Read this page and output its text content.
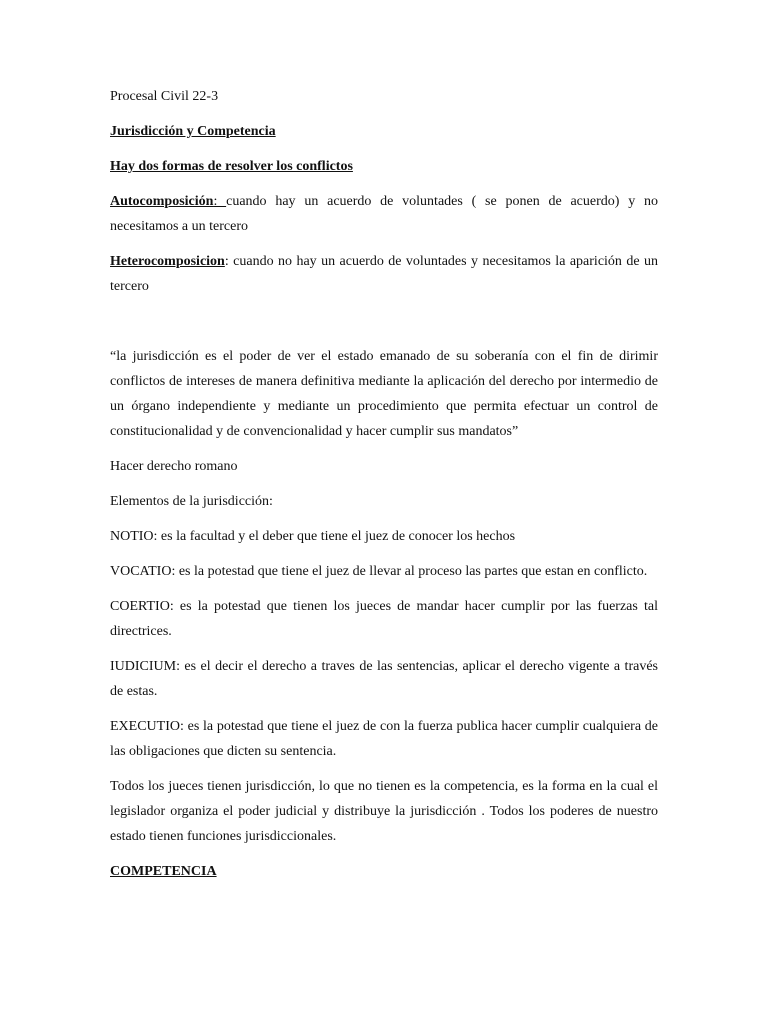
Procesal Civil 22-3

Jurisdicción y Competencia

Hay dos formas de resolver los conflictos

Autocomposición: cuando hay un acuerdo de voluntades ( se ponen de acuerdo) y no necesitamos a un tercero

Heterocomposicion: cuando no hay un acuerdo de voluntades y necesitamos la aparición de un tercero

“la jurisdicción es el poder de ver el estado emanado de su soberanía con el fin de dirimir conflictos de intereses de manera definitiva mediante la aplicación del derecho por intermedio de un órgano independiente y mediante un procedimiento que permita efectuar un control de constitucionalidad y de convencionalidad y hacer cumplir sus mandatos”

Hacer derecho romano

Elementos de la jurisdicción:

NOTIO: es la facultad y el deber que tiene el juez de conocer los hechos

VOCATIO: es la potestad que tiene el juez de llevar al proceso las partes que estan en conflicto.

COERTIO: es la potestad que tienen los jueces de mandar hacer cumplir por las fuerzas tal directrices.

IUDICIUM: es el decir el derecho a traves de las sentencias, aplicar el derecho vigente a través de estas.

EXECUTIO: es la potestad que tiene el juez de con la fuerza publica hacer cumplir cualquiera de las obligaciones que dicten su sentencia.

Todos los jueces tienen jurisdicción, lo que no tienen es la competencia, es la forma en la cual el legislador organiza el poder judicial y distribuye la jurisdicción . Todos los poderes de nuestro estado tienen funciones jurisdiccionales.

COMPETENCIA
